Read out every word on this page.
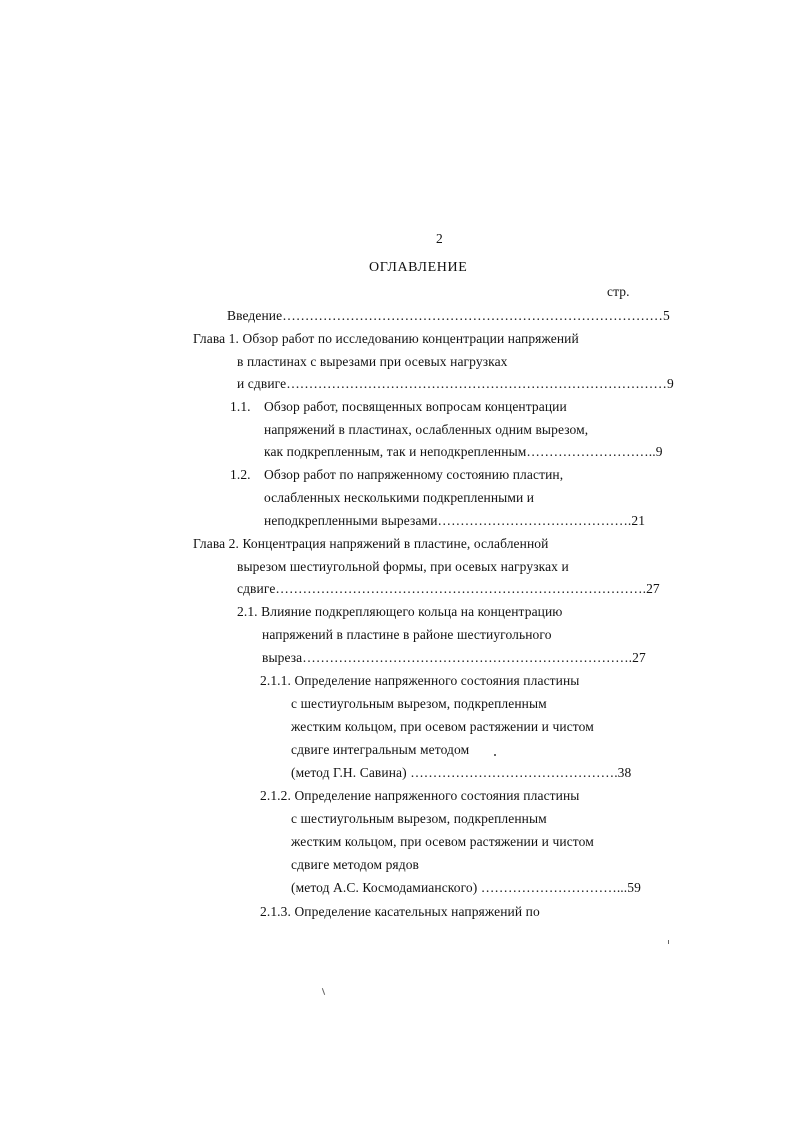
2
ОГЛАВЛЕНИЕ
стр.
Введение…………………………………………………………………………5
Глава 1. Обзор работ по исследованию концентрации напряжений
в пластинах с вырезами при осевых нагрузках
и сдвиге…………………………………………………………………………9
1.1. Обзор работ, посвященных вопросам концентрации
напряжений в пластинах, ослабленных одним вырезом,
как подкрепленным, так и неподкрепленным………………………..9
1.2. Обзор работ по напряженному состоянию пластин,
ослабленных несколькими подкрепленными и
неподкрепленными вырезами…………………………………….21
Глава 2. Концентрация напряжений в пластине, ослабленной
вырезом шестиугольной формы, при осевых нагрузках и
сдвиге……………………………………………………………………….27
2.1. Влияние подкрепляющего кольца на концентрацию
напряжений в пластине в районе шестиугольного
выреза……………………………………………………………….27
2.1.1. Определение напряженного состояния пластины
с шестиугольным вырезом, подкрепленным
жестким кольцом, при осевом растяжении и чистом
сдвиге интегральным методом
(метод Г.Н. Савина) ……………………………………….38
2.1.2. Определение напряженного состояния пластины
с шестиугольным вырезом, подкрепленным
жестким кольцом, при осевом растяжении и чистом
сдвиге методом рядов
(метод А.С. Космодамианского) …………………………...59
2.1.3. Определение касательных напряжений по
